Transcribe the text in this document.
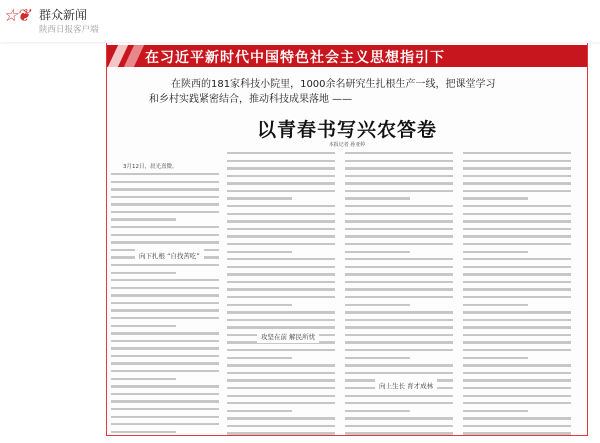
☆❦ 群众新闻
陕西日报客户端
在习近平新时代中国特色社会主义思想指引下
在陕西的181家科技小院里，1000余名研究生扎根生产一线，把课堂学习
和乡村实践紧密结合，推动科技成果落地 ——
以青春书写兴农答卷
本报记者 孙亚婷
3月12日，晨光熹微。
向下扎根 “自找苦吃”
攻坚在前 解民所忧
向上生长 育才成林
